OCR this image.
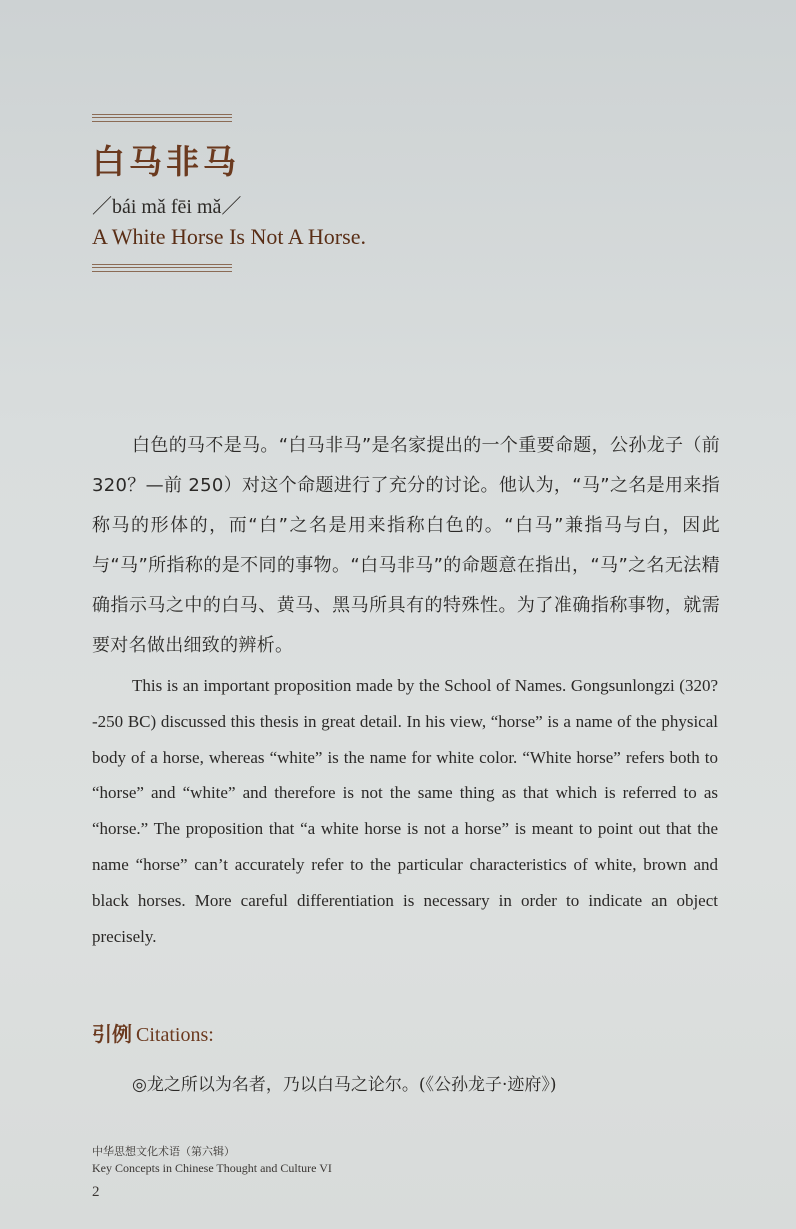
白马非马
／bái mǎ fēi mǎ／
A White Horse Is Not A Horse.

白色的马不是马。“白马非马”是名家提出的一个重要命题，公孙龙子（前 320？—前 250）对这个命题进行了充分的讨论。他认为，“马”之名是用来指称马的形体的，而“白”之名是用来指称白色的。“白马”兼指马与白，因此与“马”所指称的是不同的事物。“白马非马”的命题意在指出，“马”之名无法精确指示马之中的白马、黄马、黑马所具有的特殊性。为了准确指称事物，就需要对名做出细致的辨析。

This is an important proposition made by the School of Names. Gongsunlongzi (320?-250 BC) discussed this thesis in great detail. In his view, “horse” is a name of the physical body of a horse, whereas “white” is the name for white color. “White horse” refers both to “horse” and “white” and therefore is not the same thing as that which is referred to as “horse.” The proposition that “a white horse is not a horse” is meant to point out that the name “horse” can’t accurately refer to the particular characteristics of white, brown and black horses. More careful differentiation is necessary in order to indicate an object precisely.

引例 Citations:
◎龙之所以为名者，乃以白马之论尔。(《公孙龙子·迹府》)
中华思想文化术语（第六辑）
Key Concepts in Chinese Thought and Culture VI
2
